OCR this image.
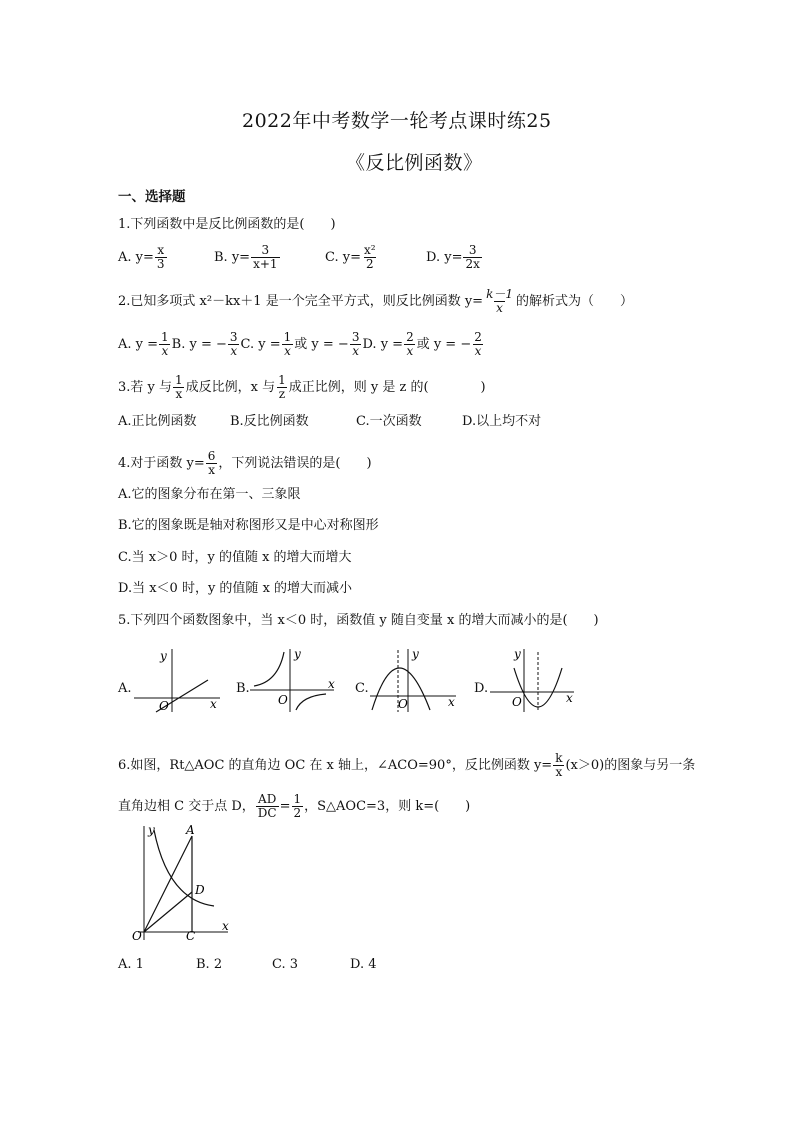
2022年中考数学一轮考点课时练25
《反比例函数》
一、选择题
1.下列函数中是反比例函数的是(　　)
A. $y= \frac{x}{3}$	B. $y= \frac{3}{x+1}$	C. $y= \frac{\text{x²}}{2}$	D. $y= \frac{3}{2x}$
2.已知多项式 x²－kx＋1 是一个完全平方式，则反比例函数 $y= \frac{k-1}{x}$ 的解析式为（　　）
A. $y = \frac{1}{x} B$. y = − $\frac{3}{x} C$. $y = \frac{1}{x}$ 或 y = − $\frac{3}{x} D$. $y = \frac{2}{x}$ 或 y = − $\frac{2}{x}$
3.若 y 与 $\frac{1}{x}$ 成反比例，x 与 $\frac{1}{z}$ 成正比例，则 y 是 z 的(　　　　)
A.正比例函数	B.反比例函数	C.一次函数	D.以上均不对
4.对于函数 $y= \frac{6}{x}$ ，下列说法错误的是(　　)
A.它的图象分布在第一、三象限
B.它的图象既是轴对称图形又是中心对称图形
C.当 x＞0 时，y 的值随 x 的增大而增大
D.当 x＜0 时，y 的值随 x 的增大而减小
5.下列四个函数图象中，当 x＜0 时，函数值 y 随自变量 x 的增大而减小的是(　　)
A.
y
x
O
B.
y
x
O
C.
y
x
O
D.
y
x
O
6.如图，Rt△AOC 的直角边 OC 在 x 轴上，∠ACO=90°，反比例函数 $y= \frac{k}{x} (x>0)$的图象与另一条
直角边相 C 交于点 D， $\frac{AD}{DC} = \frac{1}{2}$ ，S△AOC=3，则 k=(　　)
y	A
D
O	C
x
A. 1	B. 2	C. 3	D. 4
